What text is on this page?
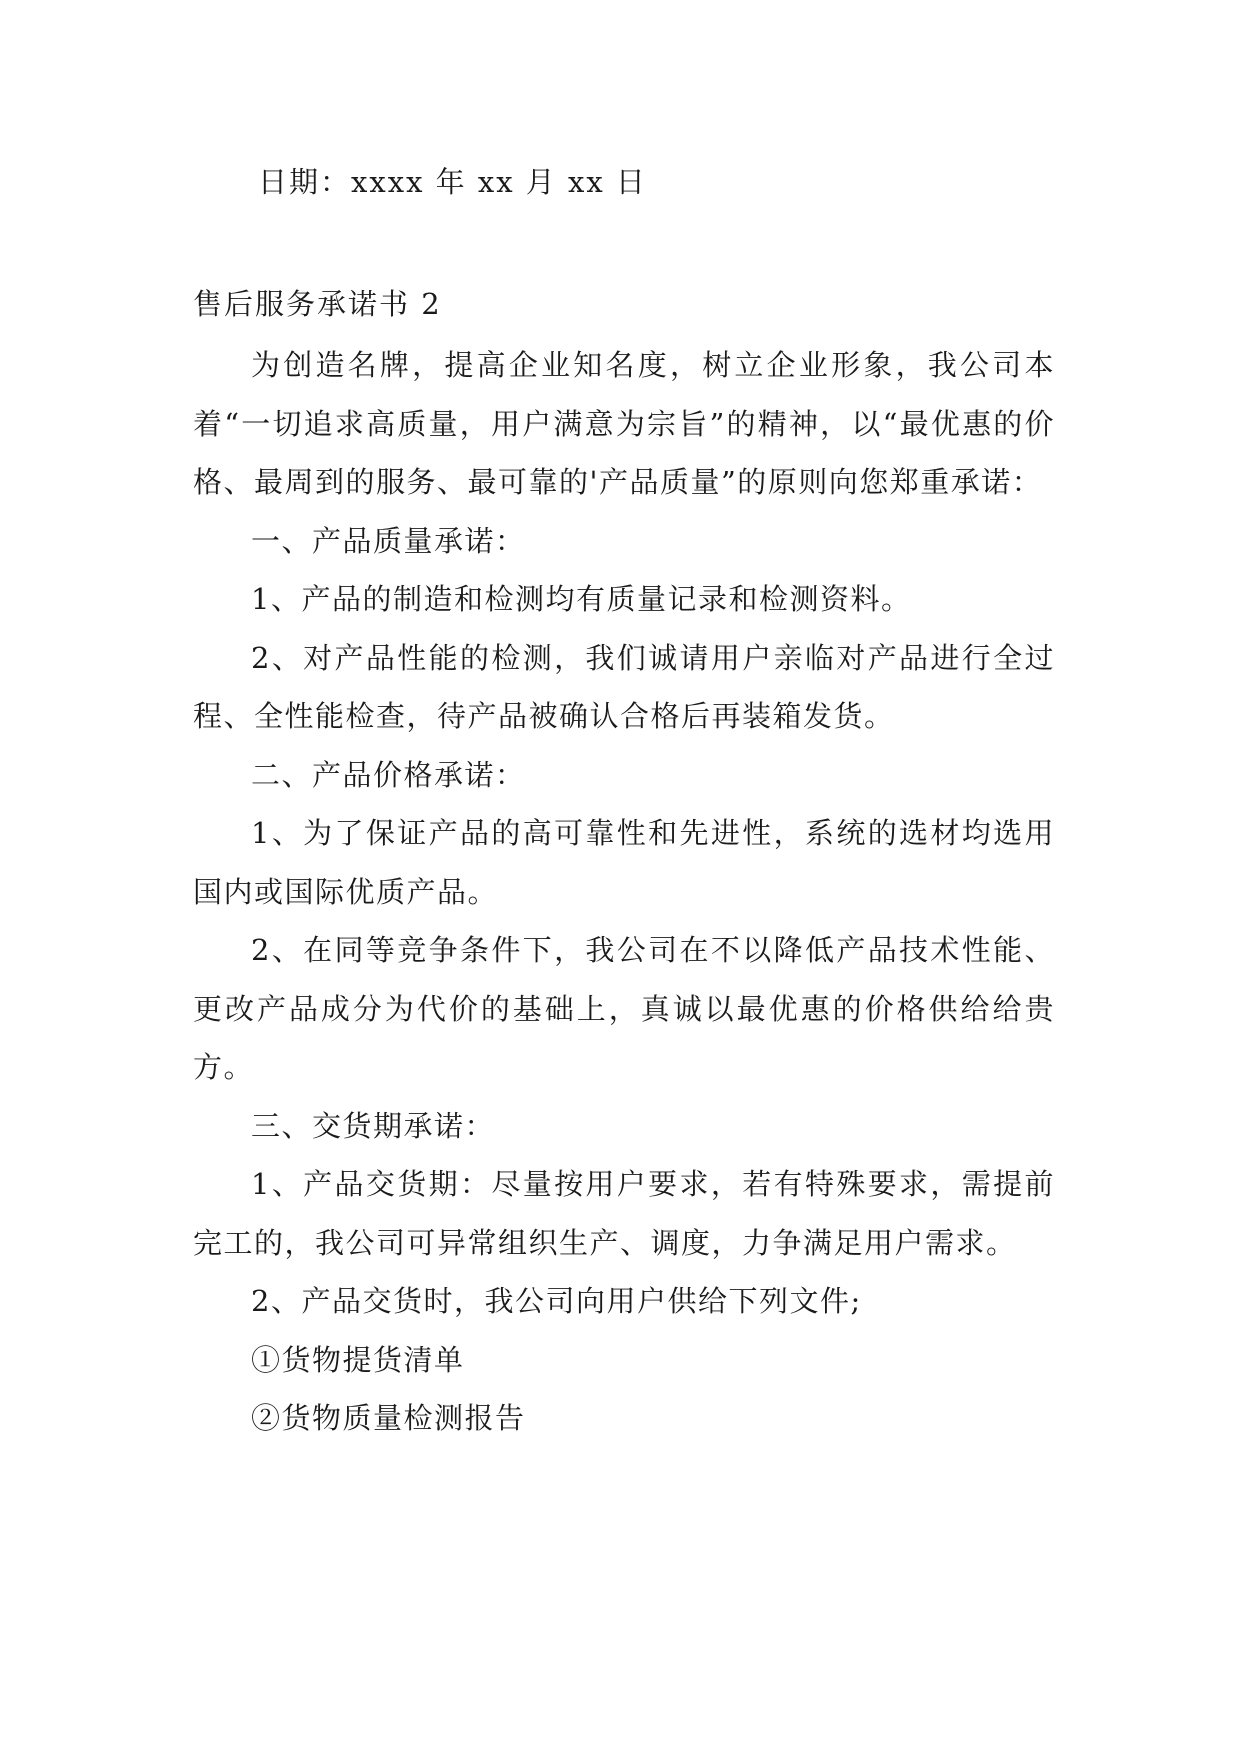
日期：xxxx 年 xx 月 xx 日
售后服务承诺书 2

为创造名牌，提高企业知名度，树立企业形象，我公司本着“一切追求高质量，用户满意为宗旨”的精神，以“最优惠的价格、最周到的服务、最可靠的'产品质量”的原则向您郑重承诺：

一、产品质量承诺：

1、产品的制造和检测均有质量记录和检测资料。

2、对产品性能的检测，我们诚请用户亲临对产品进行全过程、全性能检查，待产品被确认合格后再装箱发货。

二、产品价格承诺：

1、为了保证产品的高可靠性和先进性，系统的选材均选用国内或国际优质产品。

2、在同等竞争条件下，我公司在不以降低产品技术性能、更改产品成分为代价的基础上，真诚以最优惠的价格供给给贵方。

三、交货期承诺：

1、产品交货期：尽量按用户要求，若有特殊要求，需提前完工的，我公司可异常组织生产、调度，力争满足用户需求。

2、产品交货时，我公司向用户供给下列文件;

①货物提货清单

②货物质量检测报告
